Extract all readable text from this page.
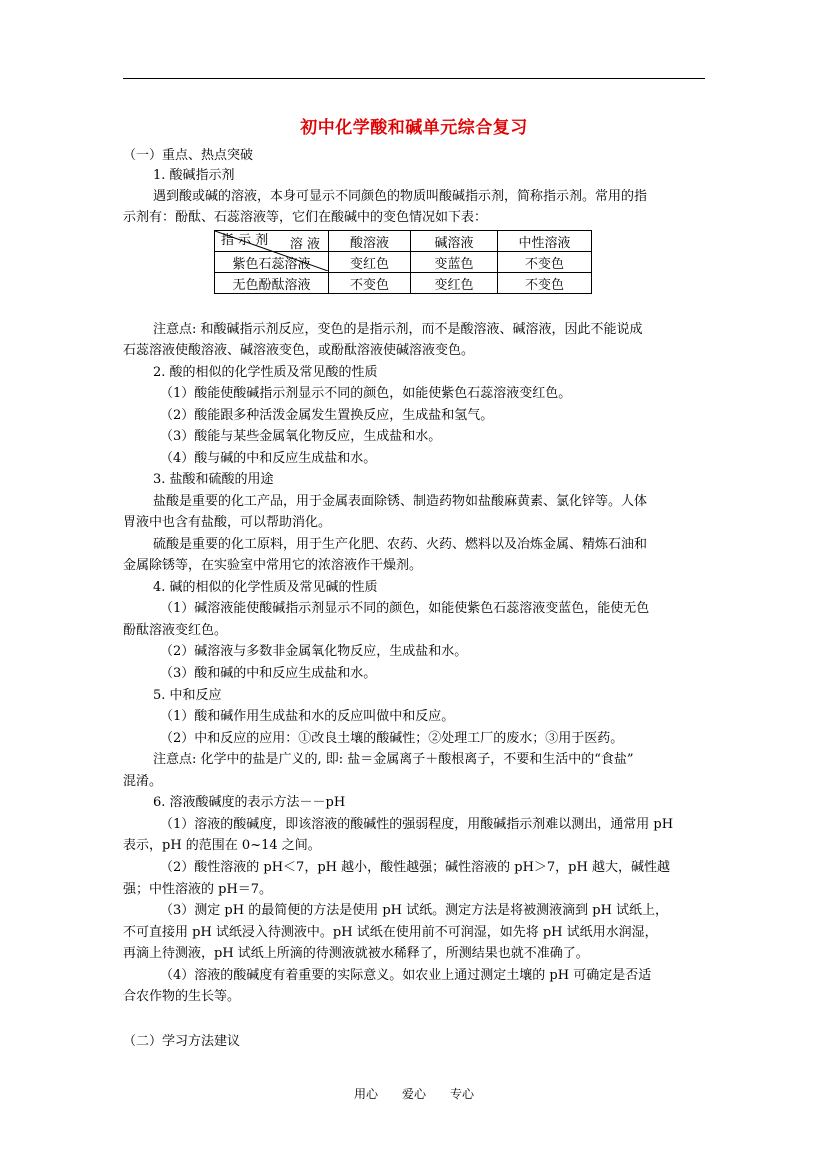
初中化学酸和碱单元综合复习
（一）重点、热点突破
1. 酸碱指示剂
遇到酸或碱的溶液，本身可显示不同颜色的物质叫酸碱指示剂，简称指示剂。常用的指
示剂有：酚酞、石蕊溶液等，它们在酸碱中的变色情况如下表：
溶 液
指 示 剂	酸溶液	碱溶液	中性溶液
紫色石蕊溶液	变红色	变蓝色	不变色
无色酚酞溶液	不变色	变红色	不变色
注意点: 和酸碱指示剂反应，变色的是指示剂，而不是酸溶液、碱溶液，因此不能说成
石蕊溶液使酸溶液、碱溶液变色，或酚酞溶液使碱溶液变色。
2. 酸的相似的化学性质及常见酸的性质
（1）酸能使酸碱指示剂显示不同的颜色，如能使紫色石蕊溶液变红色。
（2）酸能跟多种活泼金属发生置换反应，生成盐和氢气。
（3）酸能与某些金属氧化物反应，生成盐和水。
（4）酸与碱的中和反应生成盐和水。
3. 盐酸和硫酸的用途
盐酸是重要的化工产品，用于金属表面除锈、制造药物如盐酸麻黄素、氯化锌等。人体
胃液中也含有盐酸，可以帮助消化。
硫酸是重要的化工原料，用于生产化肥、农药、火药、燃料以及冶炼金属、精炼石油和
金属除锈等，在实验室中常用它的浓溶液作干燥剂。
4. 碱的相似的化学性质及常见碱的性质
（1）碱溶液能使酸碱指示剂显示不同的颜色，如能使紫色石蕊溶液变蓝色，能使无色
酚酞溶液变红色。
（2）碱溶液与多数非金属氧化物反应，生成盐和水。
（3）酸和碱的中和反应生成盐和水。
5. 中和反应
（1）酸和碱作用生成盐和水的反应叫做中和反应。
（2）中和反应的应用：①改良土壤的酸碱性；②处理工厂的废水；③用于医药。
注意点: 化学中的盐是广义的, 即: 盐＝金属离子＋酸根离子，不要和生活中的“食盐”
混淆。
6. 溶液酸碱度的表示方法－－pH
（1）溶液的酸碱度，即该溶液的酸碱性的强弱程度，用酸碱指示剂难以测出，通常用 pH
表示，pH 的范围在 0~14 之间。
（2）酸性溶液的 pH＜7，pH 越小，酸性越强；碱性溶液的 pH＞7，pH 越大，碱性越
强；中性溶液的 pH＝7。
（3）测定 pH 的最简便的方法是使用 pH 试纸。测定方法是将被测液滴到 pH 试纸上，
不可直接用 pH 试纸浸入待测液中。pH 试纸在使用前不可润湿，如先将 pH 试纸用水润湿，
再滴上待测液，pH 试纸上所滴的待测液就被水稀释了，所测结果也就不准确了。
（4）溶液的酸碱度有着重要的实际意义。如农业上通过测定土壤的 pH 可确定是否适
合农作物的生长等。
（二）学习方法建议
用心　　爱心　　专心
